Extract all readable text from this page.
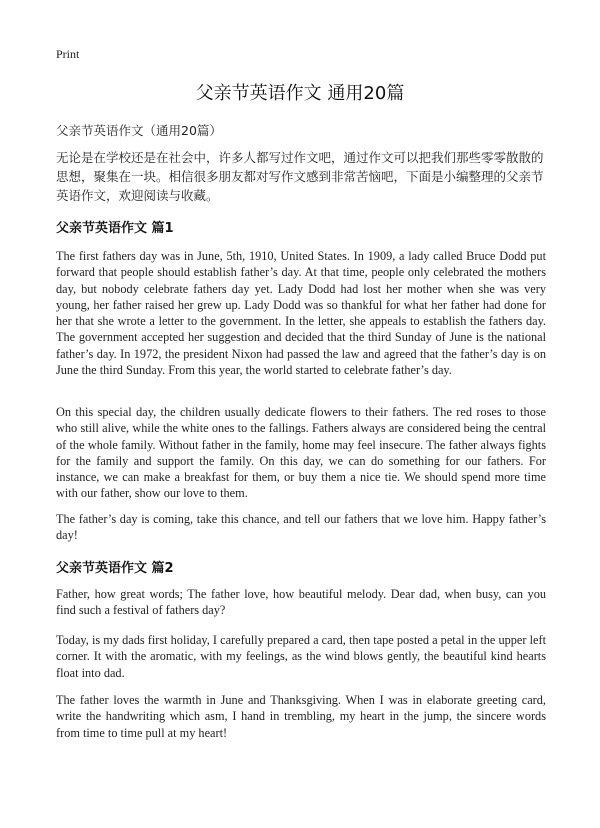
Print
父亲节英语作文 通用20篇
父亲节英语作文（通用20篇）

无论是在学校还是在社会中，许多人都写过作文吧，通过作文可以把我们那些零零散散的思想，聚集在一块。相信很多朋友都对写作文感到非常苦恼吧，下面是小编整理的父亲节英语作文，欢迎阅读与收藏。

父亲节英语作文 篇1

The first fathers day was in June, 5th, 1910, United States. In 1909, a lady called Bruce Dodd put forward that people should establish father’s day. At that time, people only celebrated the mothers day, but nobody celebrate fathers day yet. Lady Dodd had lost her mother when she was very young, her father raised her grew up. Lady Dodd was so thankful for what her father had done for her that she wrote a letter to the government. In the letter, she appeals to establish the fathers day. The government accepted her suggestion and decided that the third Sunday of June is the national father’s day. In 1972, the president Nixon had passed the law and agreed that the father’s day is on June the third Sunday. From this year, the world started to celebrate father’s day.

On this special day, the children usually dedicate flowers to their fathers. The red roses to those who still alive, while the white ones to the fallings. Fathers always are considered being the central of the whole family. Without father in the family, home may feel insecure. The father always fights for the family and support the family. On this day, we can do something for our fathers. For instance, we can make a breakfast for them, or buy them a nice tie. We should spend more time with our father, show our love to them.

The father’s day is coming, take this chance, and tell our fathers that we love him. Happy father’s day!

父亲节英语作文 篇2

Father, how great words; The father love, how beautiful melody. Dear dad, when busy, can you find such a festival of fathers day?

Today, is my dads first holiday, I carefully prepared a card, then tape posted a petal in the upper left corner. It with the aromatic, with my feelings, as the wind blows gently, the beautiful kind hearts float into dad.

The father loves the warmth in June and Thanksgiving. When I was in elaborate greeting card, write the handwriting which asm, I hand in trembling, my heart in the jump, the sincere words from time to time pull at my heart!
